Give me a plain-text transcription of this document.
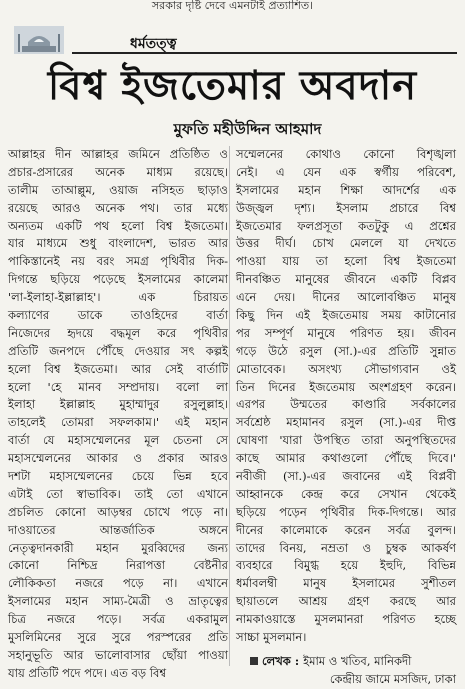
সরকার দৃষ্টি দেবে এমনটাই প্রত্যাশিত।
ধর্মতত্ত্ব
বিশ্ব ইজতেমার অবদান
মুফতি মহীউদ্দিন আহমাদ
আল্লাহর দীন আল্লাহর জমিনে প্রতিষ্ঠিত ও
প্রচার-প্রসারের অনেক মাধ্যম রয়েছে।
তালীম তাআল্লুম, ওয়াজ নসিহত ছাড়াও
রয়েছে আরও অনেক পথ। তার মধ্যে
অন্যতম একটি পথ হলো বিশ্ব ইজতেমা।
যার মাধ্যমে শুধু বাংলাদেশ, ভারত আর
পাকিস্তানেই নয় বরং সমগ্র পৃথিবীর দিক-
দিগন্তে ছড়িয়ে পড়েছে ইসলামের কালেমা
'লা-ইলাহা-ইল্লাল্লাহ'। এক চিরায়ত
কল্যাণের ডাকে তাওহিদের বার্তা
নিজেদের হৃদয়ে বদ্ধমূল করে পৃথিবীর
প্রতিটি জনপদে পৌঁছে দেওয়ার সৎ কল্পই
হলো বিশ্ব ইজতেমা। আর সেই বার্তাটি
হলো 'হে মানব সম্প্রদায়। বলো লা
ইলাহা ইল্লাল্লাহ মুহাম্মাদুর রসুলুল্লাহ।
তাহলেই তোমরা সফলকাম।' এই মহান
বার্তা যে মহাসম্মেলনের মূল চেতনা সে
মহাসম্মেলনের আকার ও প্রকার আরও
দশটা মহাসম্মেলনের চেয়ে ভিন্ন হবে
এটাই তো স্বাভাবিক। তাই তো এখানে
প্রচলিত কোনো আড়ম্বর চোখে পড়ে না।
দাওয়াতের আন্তর্জাতিক অঙ্গনে
নেতৃত্বদানকারী মহান মুরব্বিদের জন্য
কোনো নিশ্চিদ্র নিরাপত্তা বেষ্টনীর
লৌকিকতা নজরে পড়ে না। এখানে
ইসলামের মহান সাম্য-মৈত্রী ও ভ্রাতৃত্বের
চিত্র নজরে পড়ে। সর্বত্র একরামুল
মুসলিমিনের সুরে সুরে পরস্পরের প্রতি
সহানুভূতি আর ভালোবাসার ছোঁয়া পাওয়া
যায় প্রতিটি পদে পদে। এত বড় বিশ্ব
সম্মেলনের কোথাও কোনো বিশৃঙ্খলা
নেই। এ যেন এক স্বর্গীয় পরিবেশ,
ইসলামের মহান শিক্ষা আদর্শের এক
উজ্জ্বল দৃশ্য। ইসলাম প্রচারে বিশ্ব
ইজতেমার ফলপ্রসূতা কতটুকু এ প্রশ্নের
উত্তর দীর্ঘ। চোখ মেললে যা দেখতে
পাওয়া যায় তা হলো বিশ্ব ইজতেমা
দীনবঞ্চিত মানুষের জীবনে একটি বিপ্লব
এনে দেয়। দীনের আলোবঞ্চিত মানুষ
কিছু দিন এই ইজতেমায় সময় কাটানোর
পর সম্পূর্ণ মানুষে পরিণত হয়। জীবন
গড়ে উঠে রসুল (সা.)-এর প্রতিটি সুন্নাত
মোতাবেক। অসংখ্য সৌভাগ্যবান ওই
তিন দিনের ইজতেমায় অংশগ্রহণ করেন।
এরপর উম্মতের কাণ্ডারি সর্বকালের
সর্বশ্রেষ্ঠ মহামানব রসুল (সা.)-এর দীপ্ত
ঘোষণা 'যারা উপস্থিত তারা অনুপস্থিতদের
কাছে আমার কথাগুলো পৌঁছে দিবে।'
নবীজী (সা.)-এর জবানের এই বিপ্লবী
আহ্বানকে কেন্দ্র করে সেখান থেকেই
ছড়িয়ে পড়েন পৃথিবীর দিক-দিগন্তে। আর
দীনের কালেমাকে করেন সর্বত্র বুলন্দ।
তাদের বিনয়, নম্রতা ও চুম্বক আকর্ষণ
ব্যবহারে বিমুগ্ধ হয়ে ইহুদি, বিভিন্ন
ধর্মাবলম্বী মানুষ ইসলামের সুশীতল
ছায়াতলে আশ্রয় গ্রহণ করছে আর
নামকাওয়াস্তে মুসলমানরা পরিণত হচ্ছে
সাচ্চা মুসলমান।
লেখক : ইমাম ও খতিব, মানিকদী
কেন্দ্রীয় জামে মসজিদ, ঢাকা
